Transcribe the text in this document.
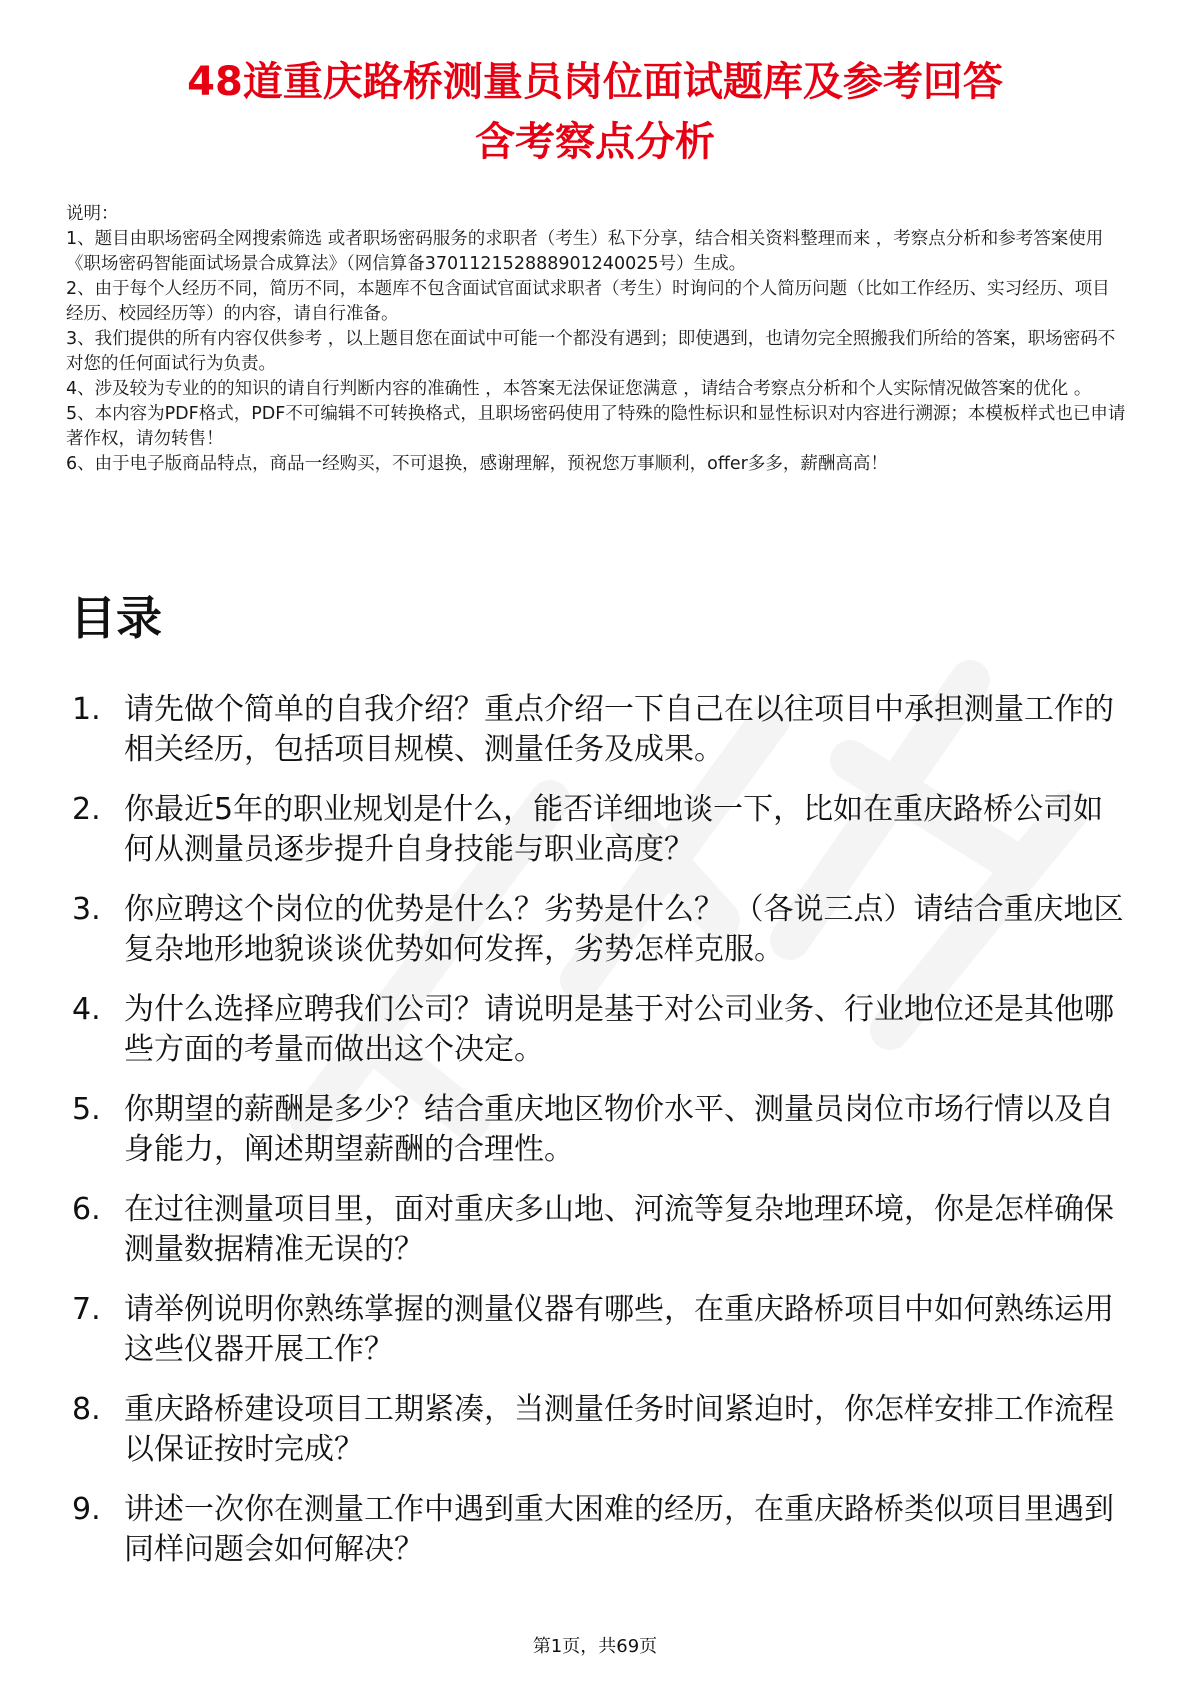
48道重庆路桥测量员岗位面试题库及参考回答
含考察点分析

说明：

1、题目由职场密码全网搜索筛选 或者职场密码服务的求职者（考生）私下分享，结合相关资料整理而来 ，考察点分析和参考答案使用《职场密码智能面试场景合成算法》（网信算备370112152888901240025号）生成。

2、由于每个人经历不同，简历不同，本题库不包含面试官面试求职者（考生）时询问的个人简历问题（比如工作经历、实习经历、项目经历、校园经历等）的内容，请自行准备。

3、我们提供的所有内容仅供参考 ，以上题目您在面试中可能一个都没有遇到；即使遇到，也请勿完全照搬我们所给的答案，职场密码不对您的任何面试行为负责。

4、涉及较为专业的的知识的请自行判断内容的准确性 ，本答案无法保证您满意 ，请结合考察点分析和个人实际情况做答案的优化 。

5、本内容为PDF格式，PDF不可编辑不可转换格式，且职场密码使用了特殊的隐性标识和显性标识对内容进行溯源；本模板样式也已申请著作权，请勿转售！

6、由于电子版商品特点，商品一经购买，不可退换，感谢理解，预祝您万事顺利，offer多多，薪酬高高！

目录
1. 请先做个简单的自我介绍？重点介绍一下自己在以往项目中承担测量工作的相关经历，包括项目规模、测量任务及成果。
2. 你最近5年的职业规划是什么，能否详细地谈一下，比如在重庆路桥公司如何从测量员逐步提升自身技能与职业高度？
3. 你应聘这个岗位的优势是什么？劣势是什么？ （各说三点）请结合重庆地区复杂地形地貌谈谈优势如何发挥，劣势怎样克服。
4. 为什么选择应聘我们公司？请说明是基于对公司业务、行业地位还是其他哪些方面的考量而做出这个决定。
5. 你期望的薪酬是多少？结合重庆地区物价水平、测量员岗位市场行情以及自身能力，阐述期望薪酬的合理性。
6. 在过往测量项目里，面对重庆多山地、河流等复杂地理环境，你是怎样确保测量数据精准无误的？
7. 请举例说明你熟练掌握的测量仪器有哪些，在重庆路桥项目中如何熟练运用这些仪器开展工作？
8. 重庆路桥建设项目工期紧凑，当测量任务时间紧迫时，你怎样安排工作流程以保证按时完成？
9. 讲述一次你在测量工作中遇到重大困难的经历，在重庆路桥类似项目里遇到同样问题会如何解决？
第1页，共69页
